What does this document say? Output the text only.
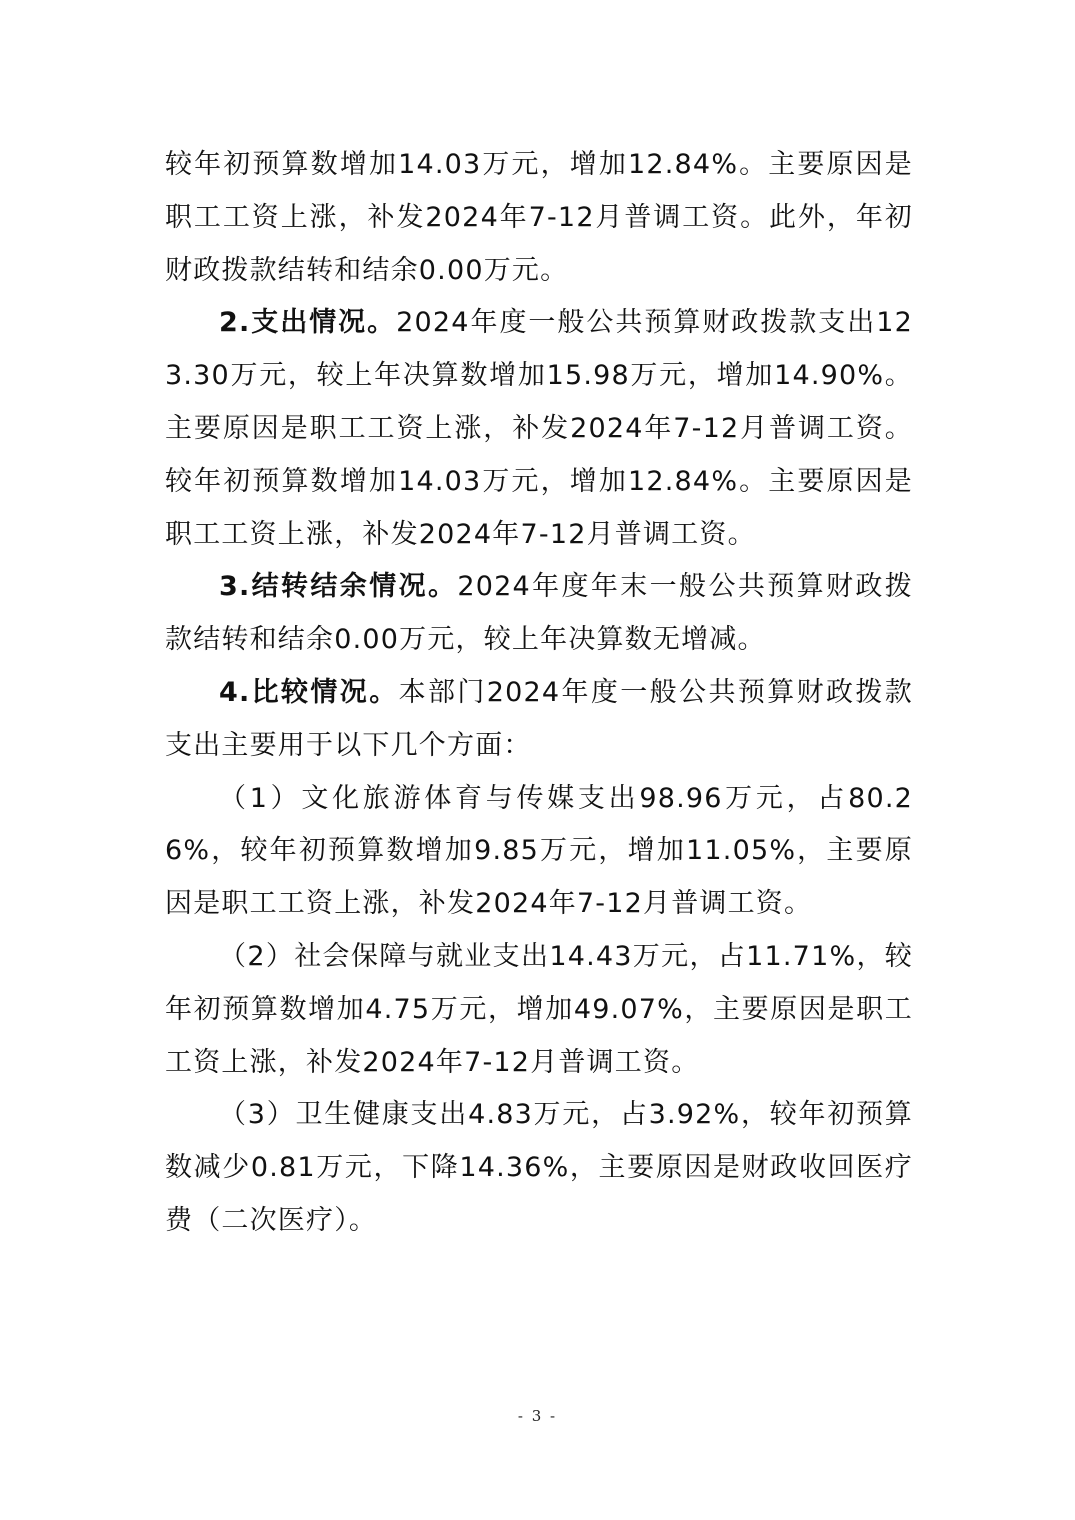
较年初预算数增加14.03万元，增加12.84%。主要原因是职工工资上涨，补发2024年7-12月普调工资。此外，年初财政拨款结转和结余0.00万元。

2.支出情况。2024年度一般公共预算财政拨款支出123.30万元，较上年决算数增加15.98万元，增加14.90%。主要原因是职工工资上涨，补发2024年7-12月普调工资。较年初预算数增加14.03万元，增加12.84%。主要原因是职工工资上涨，补发2024年7-12月普调工资。

3.结转结余情况。2024年度年末一般公共预算财政拨款结转和结余0.00万元，较上年决算数无增减。

4.比较情况。本部门2024年度一般公共预算财政拨款支出主要用于以下几个方面：

（1）文化旅游体育与传媒支出98.96万元，占80.26%，较年初预算数增加9.85万元，增加11.05%，主要原因是职工工资上涨，补发2024年7-12月普调工资。

（2）社会保障与就业支出14.43万元，占11.71%，较年初预算数增加4.75万元，增加49.07%，主要原因是职工工资上涨，补发2024年7-12月普调工资。

（3）卫生健康支出4.83万元，占3.92%，较年初预算数减少0.81万元，下降14.36%，主要原因是财政收回医疗费（二次医疗）。

- 3 -
